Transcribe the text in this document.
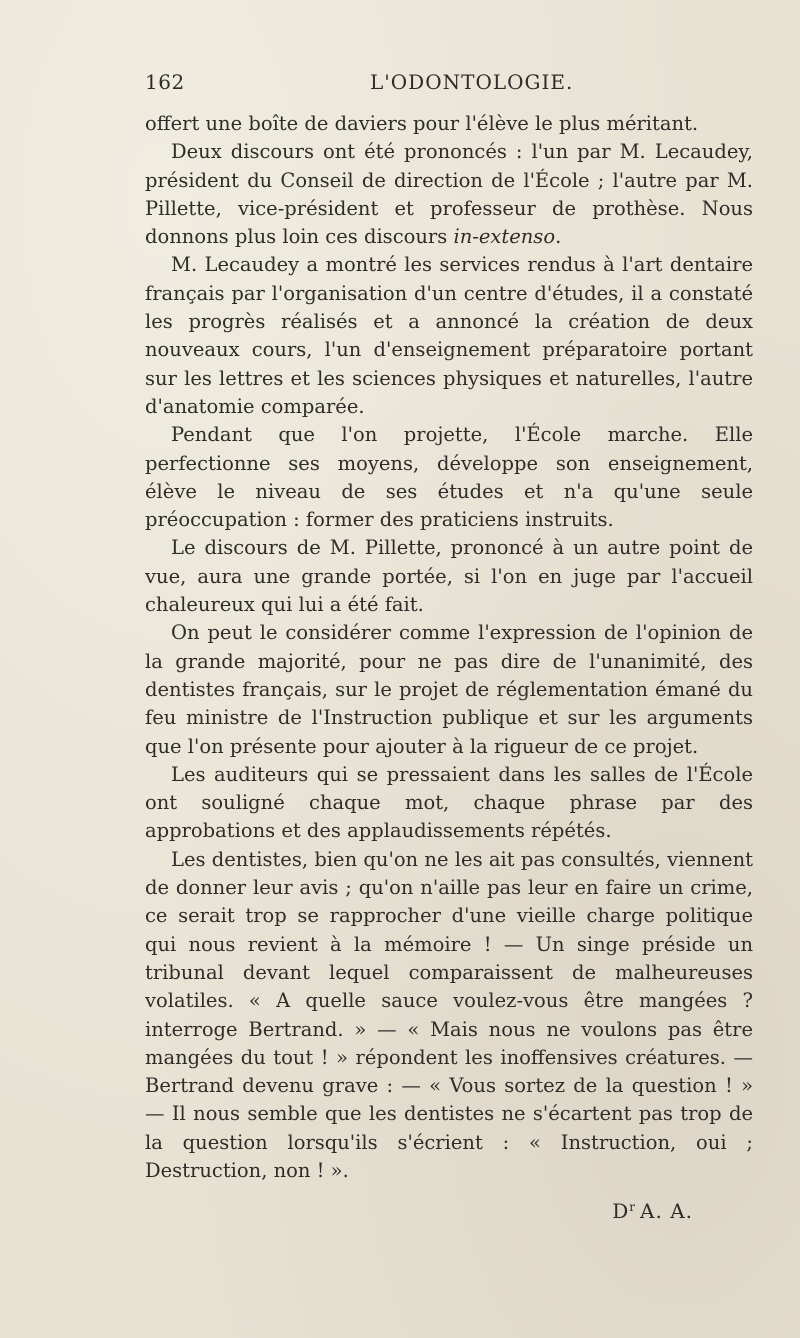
162	L'ODONTOLOGIE.

offert une boîte de daviers pour l'élève le plus méritant.

Deux discours ont été prononcés : l'un par M. Lecaudey, président du Conseil de direction de l'École ; l'autre par M. Pillette, vice-président et professeur de prothèse. Nous donnons plus loin ces discours in-extenso.

M. Lecaudey a montré les services rendus à l'art dentaire français par l'organisation d'un centre d'études, il a constaté les progrès réalisés et a annoncé la création de deux nouveaux cours, l'un d'enseignement préparatoire portant sur les lettres et les sciences physiques et naturelles, l'autre d'anatomie comparée.

Pendant que l'on projette, l'École marche. Elle perfectionne ses moyens, développe son enseignement, élève le niveau de ses études et n'a qu'une seule préoccupation : former des praticiens instruits.

Le discours de M. Pillette, prononcé à un autre point de vue, aura une grande portée, si l'on en juge par l'accueil chaleureux qui lui a été fait.

On peut le considérer comme l'expression de l'opinion de la grande majorité, pour ne pas dire de l'unanimité, des dentistes français, sur le projet de réglementation émané du feu ministre de l'Instruction publique et sur les arguments que l'on présente pour ajouter à la rigueur de ce projet.

Les auditeurs qui se pressaient dans les salles de l'École ont souligné chaque mot, chaque phrase par des approbations et des applaudissements répétés.

Les dentistes, bien qu'on ne les ait pas consultés, viennent de donner leur avis ; qu'on n'aille pas leur en faire un crime, ce serait trop se rapprocher d'une vieille charge politique qui nous revient à la mémoire ! — Un singe préside un tribunal devant lequel comparaissent de malheureuses volatiles. « A quelle sauce voulez-vous être mangées ? interroge Bertrand. » — « Mais nous ne voulons pas être mangées du tout ! » répondent les inoffensives créatures. — Bertrand devenu grave : — « Vous sortez de la question ! » — Il nous semble que les dentistes ne s'écartent pas trop de la question lorsqu'ils s'écrient : « Instruction, oui ; Destruction, non ! ».

$D^r$ A. A.
